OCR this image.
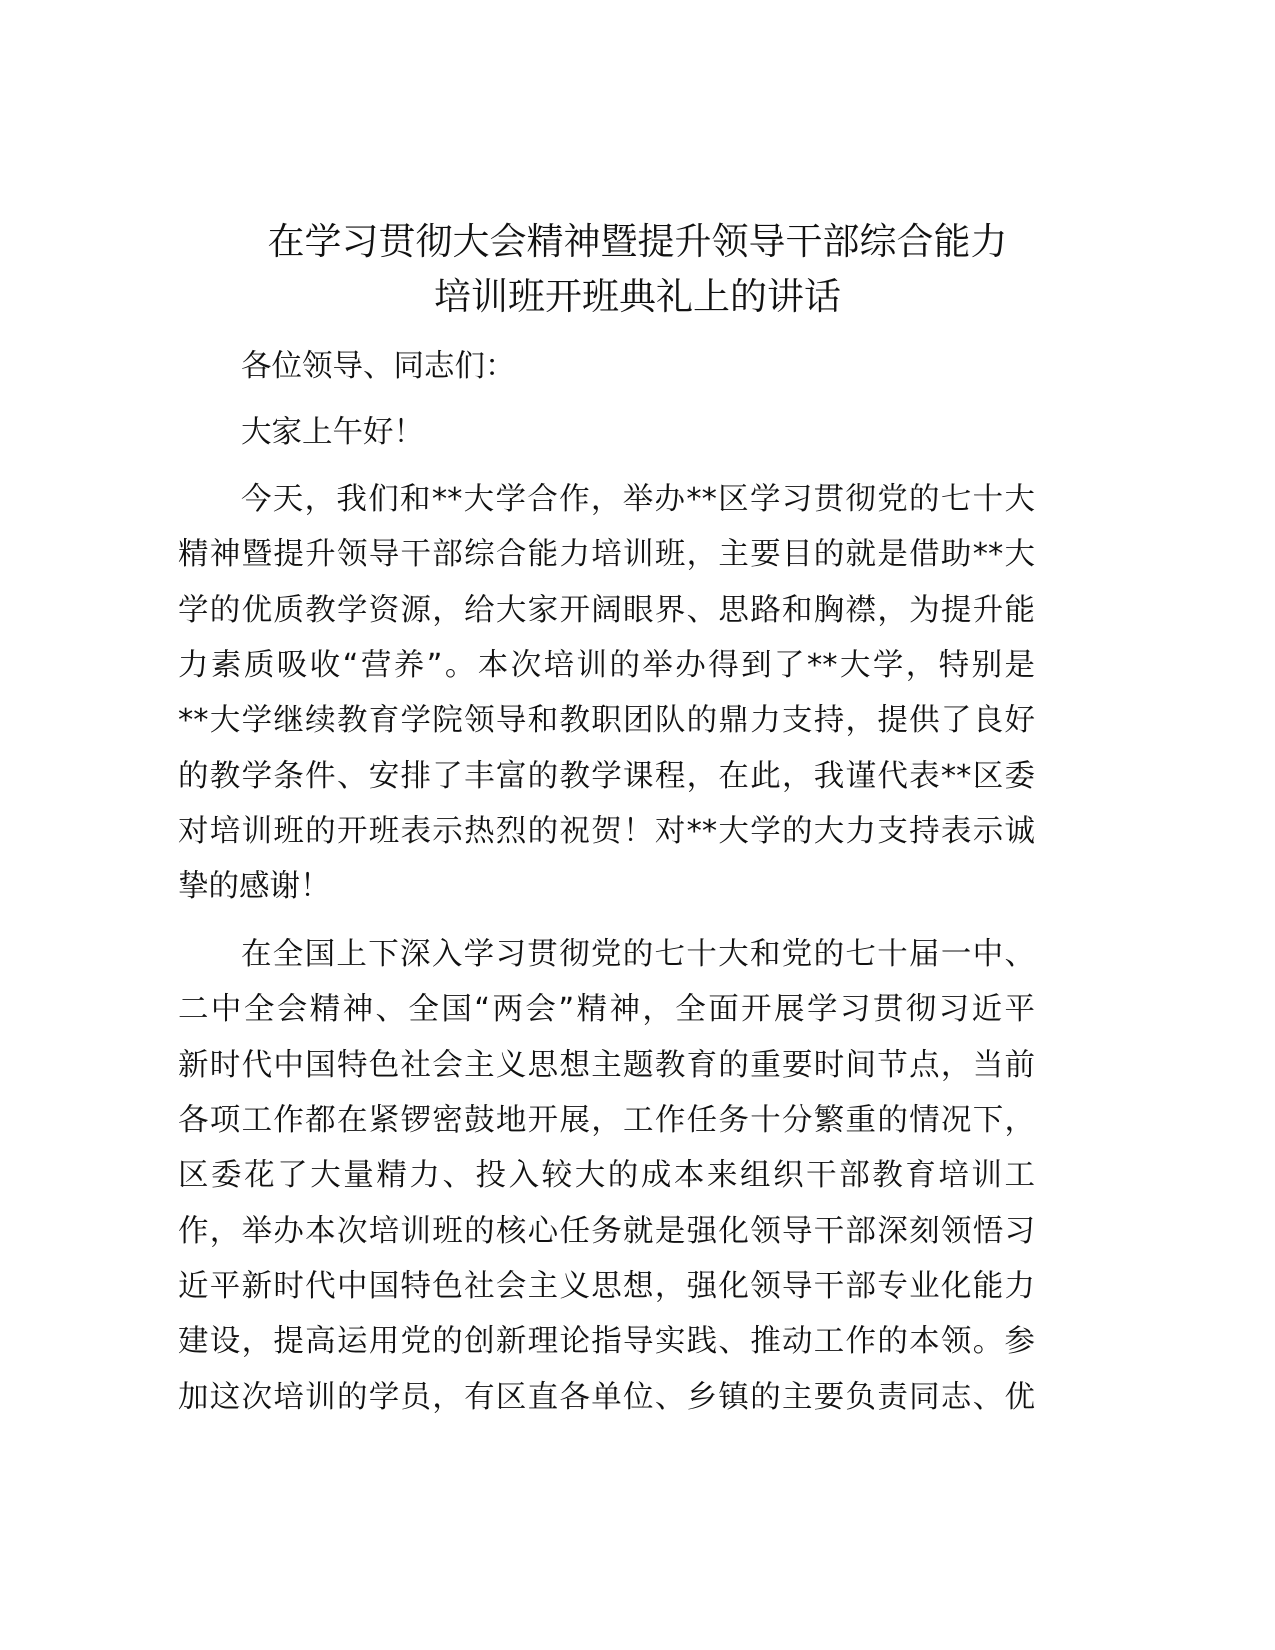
在学习贯彻大会精神暨提升领导干部综合能力
培训班开班典礼上的讲话
各位领导、同志们：
大家上午好！
今天，我们和**大学合作，举办**区学习贯彻党的七十大
精神暨提升领导干部综合能力培训班，主要目的就是借助**大
学的优质教学资源，给大家开阔眼界、思路和胸襟，为提升能
力素质吸收“营养”。本次培训的举办得到了**大学，特别是
**大学继续教育学院领导和教职团队的鼎力支持，提供了良好
的教学条件、安排了丰富的教学课程，在此，我谨代表**区委
对培训班的开班表示热烈的祝贺！对**大学的大力支持表示诚
挚的感谢！
在全国上下深入学习贯彻党的七十大和党的七十届一中、
二中全会精神、全国“两会”精神，全面开展学习贯彻习近平
新时代中国特色社会主义思想主题教育的重要时间节点，当前
各项工作都在紧锣密鼓地开展，工作任务十分繁重的情况下，
区委花了大量精力、投入较大的成本来组织干部教育培训工
作，举办本次培训班的核心任务就是强化领导干部深刻领悟习
近平新时代中国特色社会主义思想，强化领导干部专业化能力
建设，提高运用党的创新理论指导实践、推动工作的本领。参
加这次培训的学员，有区直各单位、乡镇的主要负责同志、优
